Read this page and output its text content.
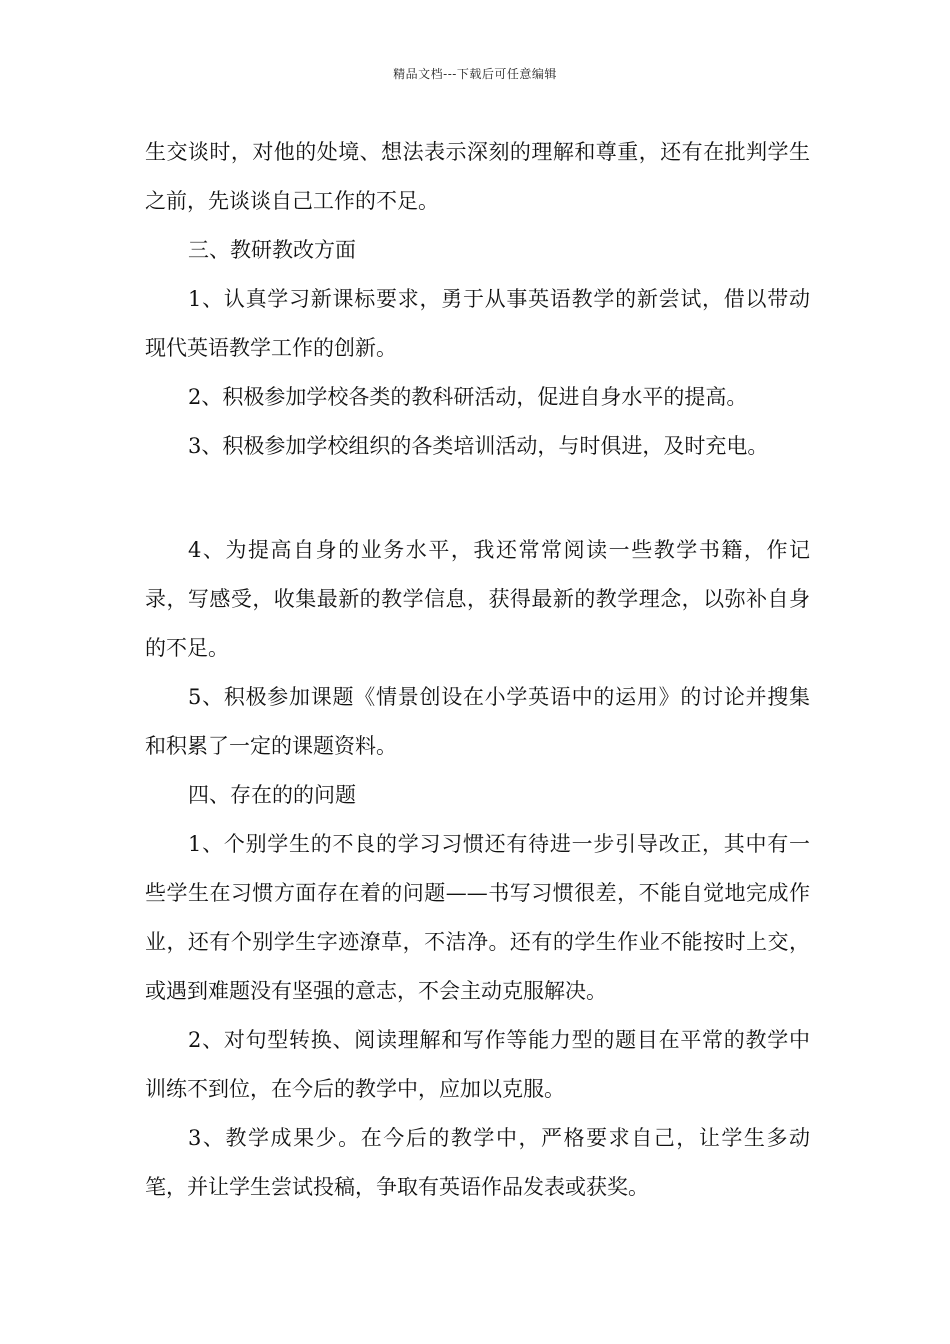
精品文档---下载后可任意编辑

生交谈时，对他的处境、想法表示深刻的理解和尊重，还有在批判学生之前，先谈谈自己工作的不足。

三、教研教改方面

1、认真学习新课标要求，勇于从事英语教学的新尝试，借以带动现代英语教学工作的创新。

2、积极参加学校各类的教科研活动，促进自身水平的提高。

3、积极参加学校组织的各类培训活动，与时俱进，及时充电。

4、为提高自身的业务水平，我还常常阅读一些教学书籍，作记录，写感受，收集最新的教学信息，获得最新的教学理念，以弥补自身的不足。

5、积极参加课题《情景创设在小学英语中的运用》的讨论并搜集和积累了一定的课题资料。

四、存在的的问题

1、个别学生的不良的学习习惯还有待进一步引导改正，其中有一些学生在习惯方面存在着的问题——书写习惯很差，不能自觉地完成作业，还有个别学生字迹潦草，不洁净。还有的学生作业不能按时上交，或遇到难题没有坚强的意志，不会主动克服解决。

2、对句型转换、阅读理解和写作等能力型的题目在平常的教学中训练不到位，在今后的教学中，应加以克服。

3、教学成果少。在今后的教学中，严格要求自己，让学生多动笔，并让学生尝试投稿，争取有英语作品发表或获奖。
